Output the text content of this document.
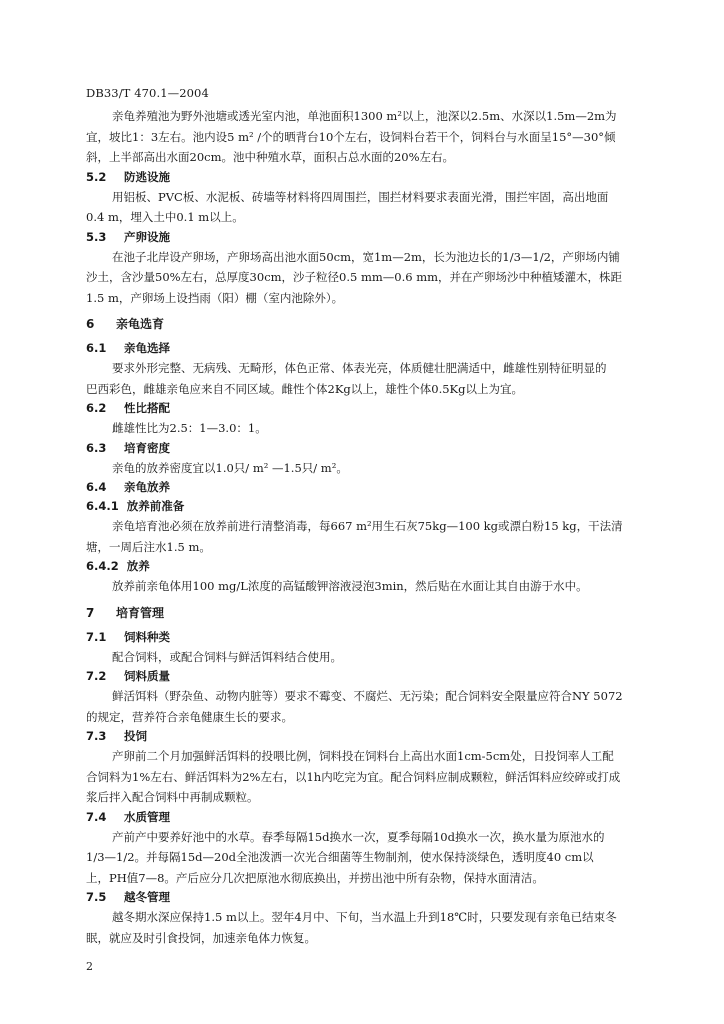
DB33/T 470.1—2004
亲龟养殖池为野外池塘或透光室内池，单池面积1300 m²以上，池深以2.5m、水深以1.5m—2m为
宜，坡比1：3左右。池内设5 m² /个的晒背台10个左右，设饲料台若干个，饲料台与水面呈15°—30°倾
斜，上半部高出水面20cm。池中种殖水草，面积占总水面的20%左右。
5.2 防逃设施
用铝板、PVC板、水泥板、砖墙等材料将四周围拦，围拦材料要求表面光滑，围拦牢固，高出地面
0.4 m，埋入土中0.1 m以上。
5.3 产卵设施
在池子北岸设产卵场，产卵场高出池水面50cm，宽1m—2m，长为池边长的1/3—1/2，产卵场内铺
沙土，含沙量50%左右，总厚度30cm，沙子粒径0.5 mm—0.6 mm，并在产卵场沙中种植矮灌木，株距
1.5 m，产卵场上设挡雨（阳）棚（室内池除外）。
6 亲龟选育
6.1 亲龟选择
要求外形完整、无病残、无畸形，体色正常、体表光亮，体质健壮肥满适中，雌雄性别特征明显的
巴西彩色，雌雄亲龟应来自不同区域。雌性个体2Kg以上，雄性个体0.5Kg以上为宜。
6.2 性比搭配
雌雄性比为2.5：1—3.0：1。
6.3 培育密度
亲龟的放养密度宜以1.0只/ m² —1.5只/ m²。
6.4 亲龟放养
6.4.1 放养前准备
亲龟培育池必须在放养前进行清整消毒，每667 m²用生石灰75kg—100 kg或漂白粉15 kg，干法清
塘，一周后注水1.5 m。
6.4.2 放养
放养前亲龟体用100 mg/L浓度的高锰酸钾溶液浸泡3min，然后贴在水面让其自由游于水中。
7 培育管理
7.1 饲料种类
配合饲料，或配合饲料与鲜活饵料结合使用。
7.2 饲料质量
鲜活饵料（野杂鱼、动物内脏等）要求不霉变、不腐烂、无污染；配合饲料安全限量应符合NY 5072
的规定，营养符合亲龟健康生长的要求。
7.3 投饲
产卵前二个月加强鲜活饵料的投喂比例，饲料投在饲料台上高出水面1cm-5cm处，日投饲率人工配
合饲料为1%左右、鲜活饵料为2%左右，以1h内吃完为宜。配合饲料应制成颗粒，鲜活饵料应绞碎或打成
浆后拌入配合饲料中再制成颗粒。
7.4 水质管理
产前产中要养好池中的水草。春季每隔15d换水一次，夏季每隔10d换水一次，换水量为原池水的
1/3—1/2。并每隔15d—20d全池泼洒一次光合细菌等生物制剂，使水保持淡绿色，透明度40 cm以
上，PH值7—8。产后应分几次把原池水彻底换出，并捞出池中所有杂物，保持水面清洁。
7.5 越冬管理
越冬期水深应保持1.5 m以上。翌年4月中、下旬，当水温上升到18℃时，只要发现有亲龟已结束冬
眠，就应及时引食投饲，加速亲龟体力恢复。
2
